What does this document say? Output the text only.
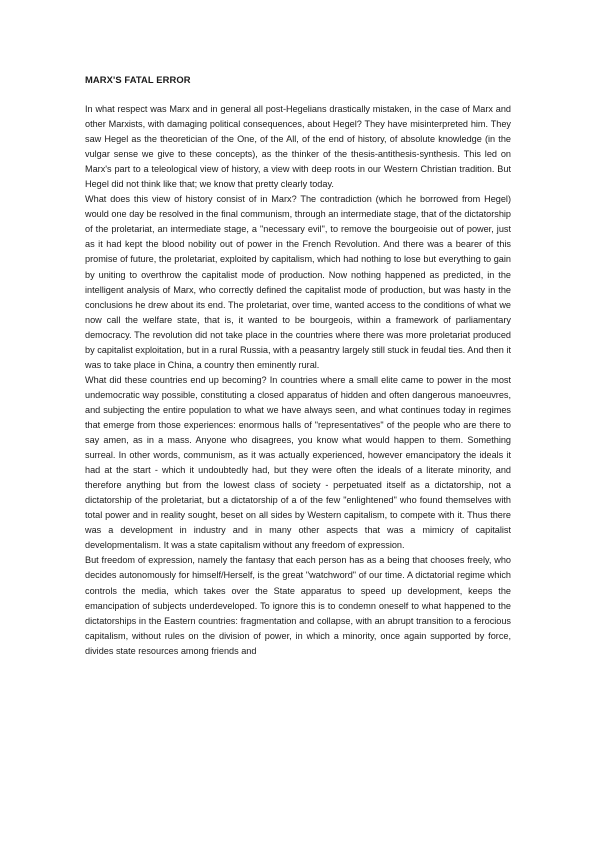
MARX'S FATAL ERROR

In what respect was Marx and in general all post-Hegelians drastically mistaken, in the case of Marx and other Marxists, with damaging political consequences, about Hegel? They have misinterpreted him. They saw Hegel as the theoretician of the One, of the All, of the end of history, of absolute knowledge (in the vulgar sense we give to these concepts), as the thinker of the thesis-antithesis-synthesis. This led on Marx's part to a teleological view of history, a view with deep roots in our Western Christian tradition. But Hegel did not think like that; we know that pretty clearly today.

What does this view of history consist of in Marx? The contradiction (which he borrowed from Hegel) would one day be resolved in the final communism, through an intermediate stage, that of the dictatorship of the proletariat, an intermediate stage, a "necessary evil", to remove the bourgeoisie out of power, just as it had kept the blood nobility out of power in the French Revolution. And there was a bearer of this promise of future, the proletariat, exploited by capitalism, which had nothing to lose but everything to gain by uniting to overthrow the capitalist mode of production. Now nothing happened as predicted, in the intelligent analysis of Marx, who correctly defined the capitalist mode of production, but was hasty in the conclusions he drew about its end. The proletariat, over time, wanted access to the conditions of what we now call the welfare state, that is, it wanted to be bourgeois, within a framework of parliamentary democracy. The revolution did not take place in the countries where there was more proletariat produced by capitalist exploitation, but in a rural Russia, with a peasantry largely still stuck in feudal ties. And then it was to take place in China, a country then eminently rural.

What did these countries end up becoming? In countries where a small elite came to power in the most undemocratic way possible, constituting a closed apparatus of hidden and often dangerous manoeuvres, and subjecting the entire population to what we have always seen, and what continues today in regimes that emerge from those experiences: enormous halls of "representatives" of the people who are there to say amen, as in a mass. Anyone who disagrees, you know what would happen to them. Something surreal. In other words, communism, as it was actually experienced, however emancipatory the ideals it had at the start - which it undoubtedly had, but they were often the ideals of a literate minority, and therefore anything but from the lowest class of society - perpetuated itself as a dictatorship, not a dictatorship of the proletariat, but a dictatorship of a of the few "enlightened" who found themselves with total power and in reality sought, beset on all sides by Western capitalism, to compete with it. Thus there was a development in industry and in many other aspects that was a mimicry of capitalist developmentalism. It was a state capitalism without any freedom of expression.

But freedom of expression, namely the fantasy that each person has as a being that chooses freely, who decides autonomously for himself/Herself, is the great "watchword" of our time. A dictatorial regime which controls the media, which takes over the State apparatus to speed up development, keeps the emancipation of subjects underdeveloped. To ignore this is to condemn oneself to what happened to the dictatorships in the Eastern countries: fragmentation and collapse, with an abrupt transition to a ferocious capitalism, without rules on the division of power, in which a minority, once again supported by force, divides state resources among friends and
